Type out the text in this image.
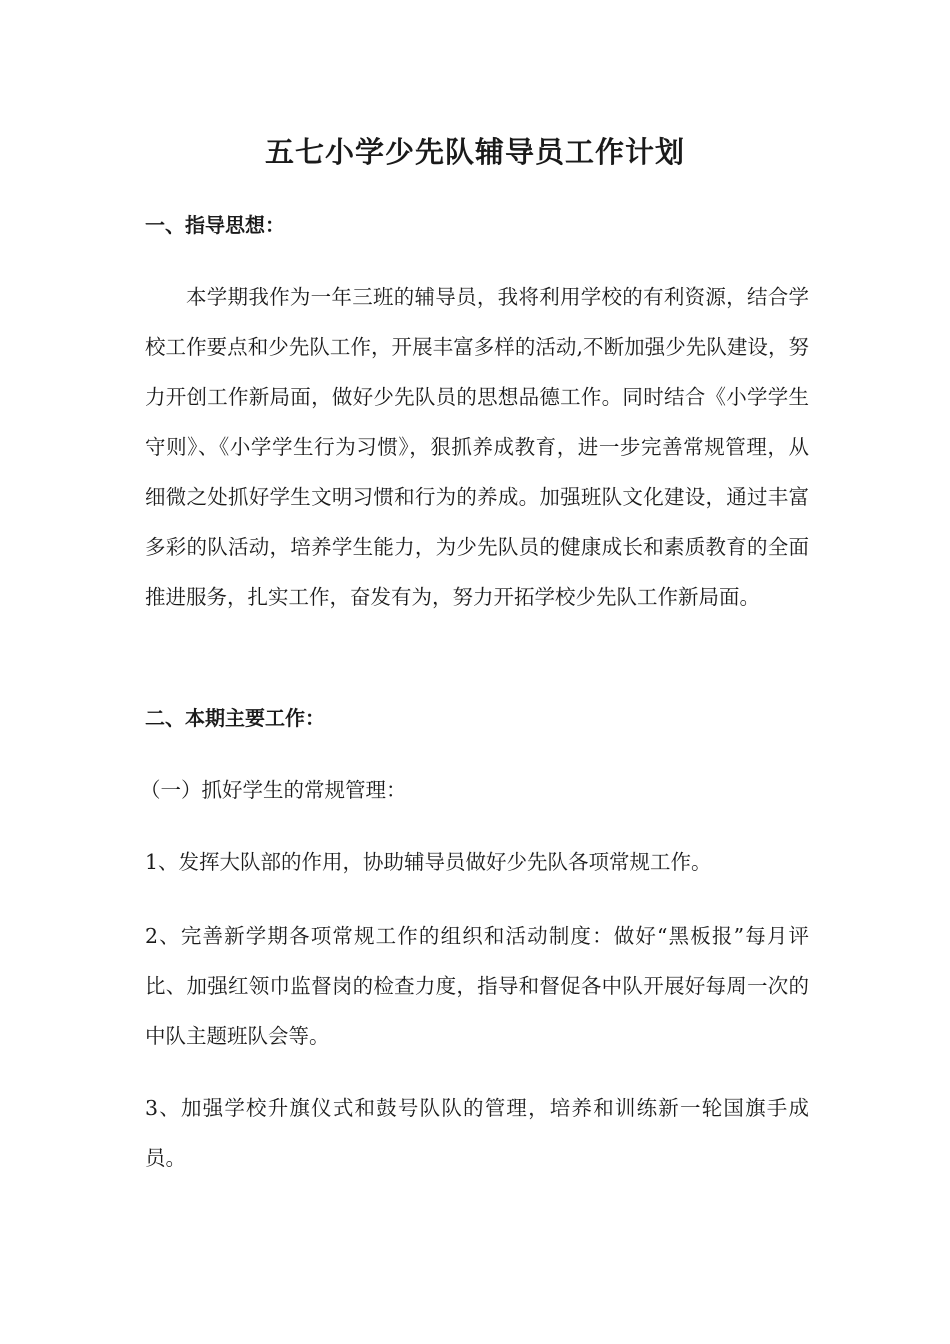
五七小学少先队辅导员工作计划
一、指导思想：

本学期我作为一年三班的辅导员，我将利用学校的有利资源，结合学校工作要点和少先队工作，开展丰富多样的活动,不断加强少先队建设，努力开创工作新局面，做好少先队员的思想品德工作。同时结合《小学学生守则》、《小学学生行为习惯》，狠抓养成教育，进一步完善常规管理，从细微之处抓好学生文明习惯和行为的养成。加强班队文化建设，通过丰富多彩的队活动，培养学生能力，为少先队员的健康成长和素质教育的全面推进服务，扎实工作，奋发有为，努力开拓学校少先队工作新局面。

二、本期主要工作：
（一）抓好学生的常规管理：

1、发挥大队部的作用，协助辅导员做好少先队各项常规工作。

2、完善新学期各项常规工作的组织和活动制度：做好“黑板报”每月评比、加强红领巾监督岗的检查力度，指导和督促各中队开展好每周一次的中队主题班队会等。

3、加强学校升旗仪式和鼓号队队的管理，培养和训练新一轮国旗手成员。
